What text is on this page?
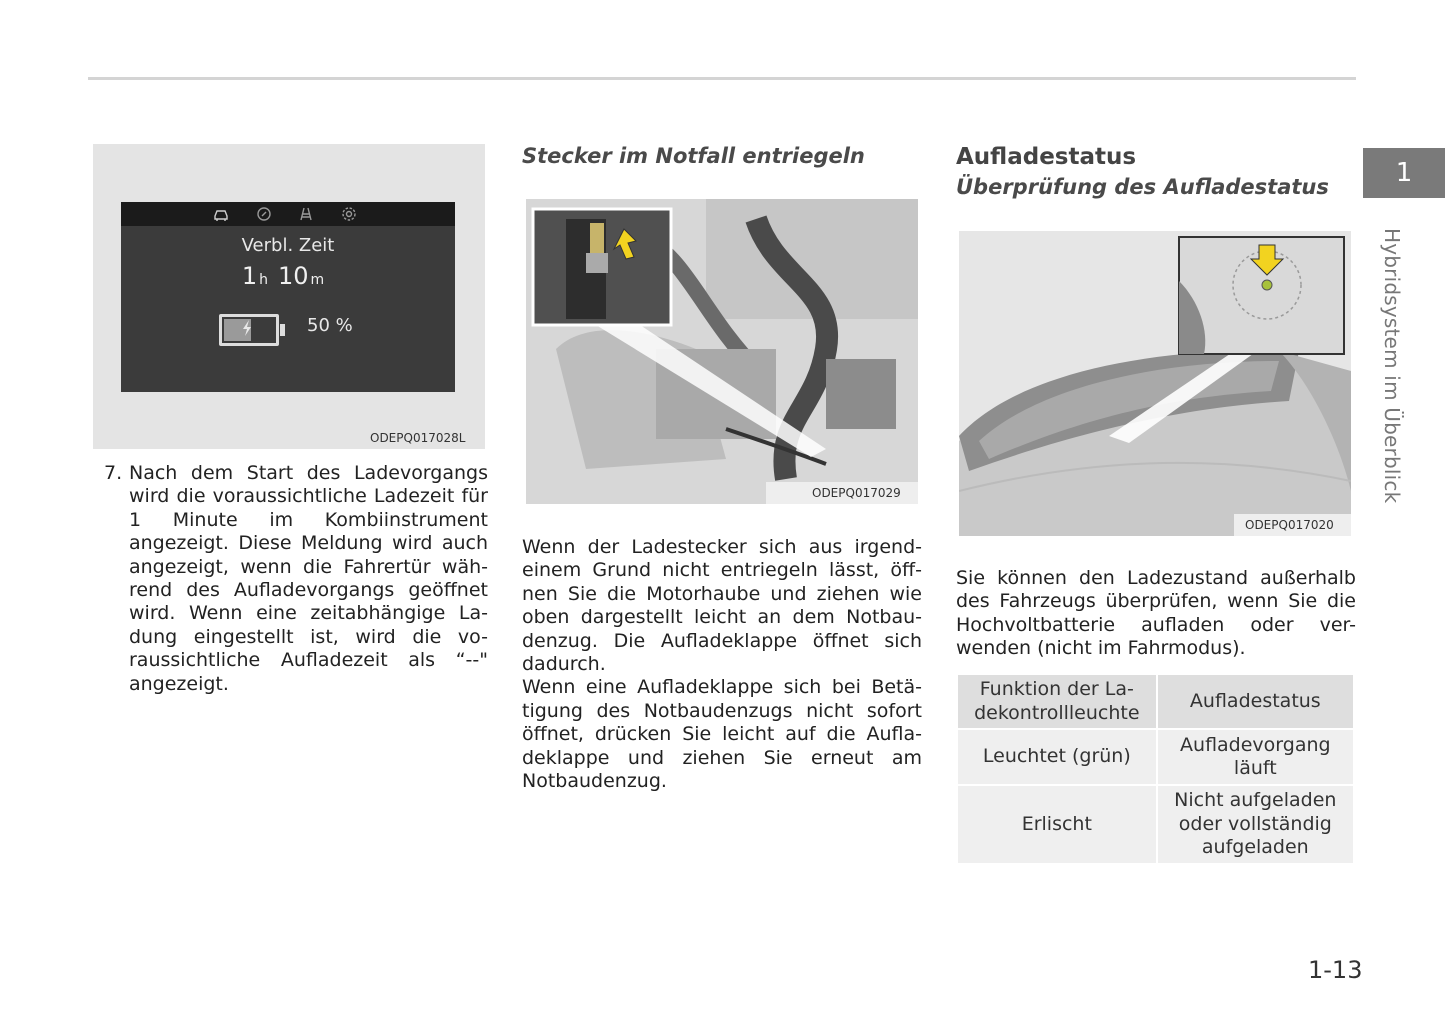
Verbl. Zeit
1 h 10 m
50 %
ODEPQ017028L
7. Nach dem Start des Ladevorgangs wird die voraussichtliche Ladezeit für 1 Minute im Kombiinstrument angezeigt. Diese Meldung wird auch angezeigt, wenn die Fahrertür wäh- rend des Aufladevorgangs geöffnet wird. Wenn eine zeitabhängige La- dung eingestellt ist, wird die vo- raussichtliche Aufladezeit als “--" angezeigt.
Stecker im Notfall entriegeln
ODEPQ017029

Wenn der Ladestecker sich aus irgend- einem Grund nicht entriegeln lässt, öff- nen Sie die Motorhaube und ziehen wie oben dargestellt leicht an dem Notbau- denzug. Die Aufladeklappe öffnet sich dadurch.

Wenn eine Aufladeklappe sich bei Betä- tigung des Notbaudenzugs nicht sofort öffnet, drücken Sie leicht auf die Aufla- deklappe und ziehen Sie erneut am Notbaudenzug.

Aufladestatus
Überprüfung des Aufladestatus
ODEPQ017020
Sie können den Ladezustand außerhalb des Fahrzeugs überprüfen, wenn Sie die Hochvoltbatterie aufladen oder ver- wenden (nicht im Fahrmodus).
Funktion der La- dekontrollleuchte	Aufladestatus
Leuchtet (grün)	Aufladevorgang läuft
Erlischt	Nicht aufgeladen oder vollständig aufgeladen
1
Hybridsystem im Überblick
1-13
